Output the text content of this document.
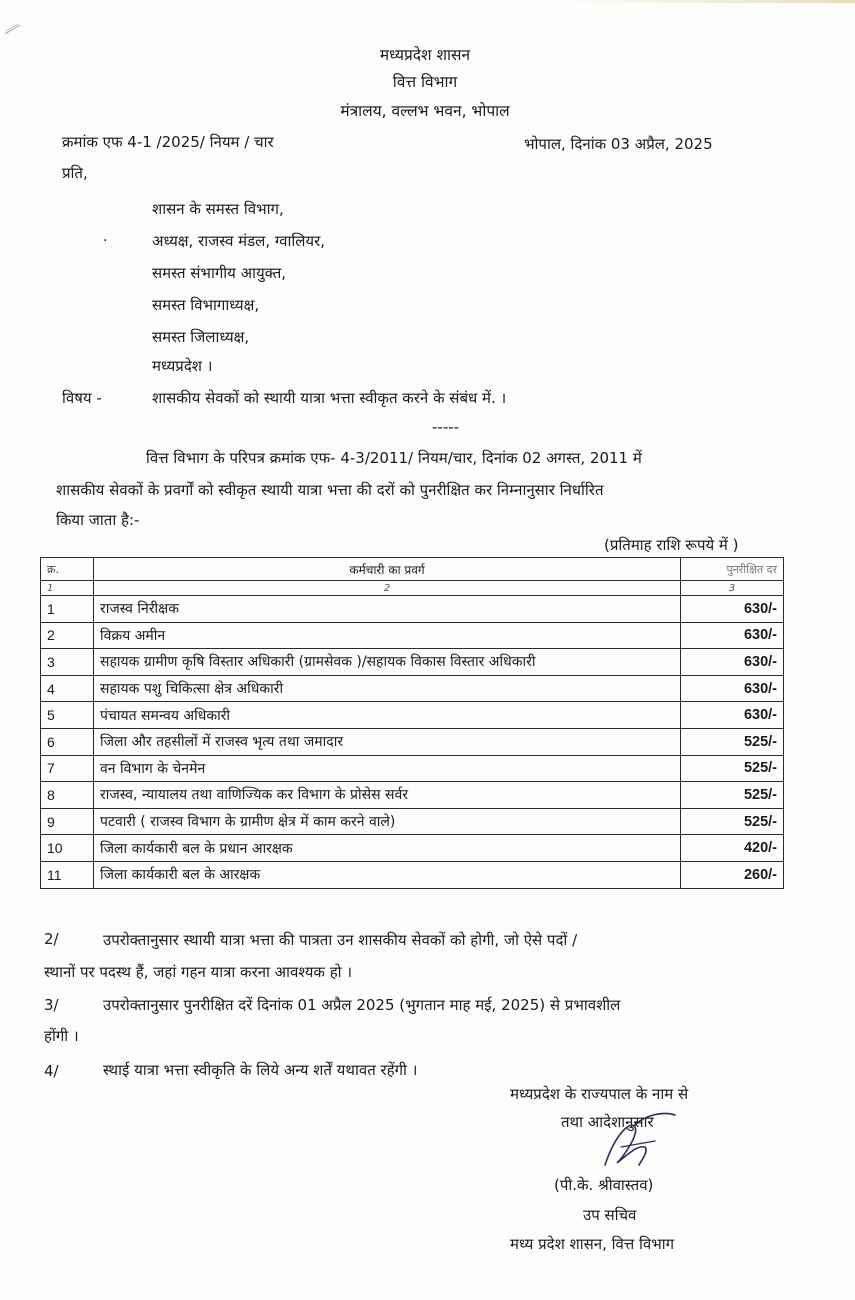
मध्यप्रदेश शासन
वित्त विभाग
मंत्रालय, वल्लभ भवन, भोपाल
क्रमांक एफ 4-1 /2025/ नियम / चार	भोपाल, दिनांक 03 अप्रैल, 2025
प्रति,
शासन के समस्त विभाग,
.	अध्यक्ष, राजस्व मंडल, ग्वालियर,
समस्त संभागीय आयुक्त,
समस्त विभागाध्यक्ष,
समस्त जिलाध्यक्ष,
मध्यप्रदेश ।
विषय -	शासकीय सेवकों को स्थायी यात्रा भत्ता स्वीकृत करने के संबंध में. ।
-----
वित्त विभाग के परिपत्र क्रमांक एफ- 4-3/2011/ नियम/चार, दिनांक 02 अगस्त, 2011 में
शासकीय सेवकों के प्रवर्गों को स्वीकृत स्थायी यात्रा भत्ता की दरों को पुनरीक्षित कर निम्नानुसार निर्धारित
किया जाता है:-
(प्रतिमाह राशि रूपये में )
क्र.	कर्मचारी का प्रवर्ग	पुनरीक्षित दर
1	2	3
1	राजस्व निरीक्षक	630/-
2	विक्रय अमीन	630/-
3	सहायक ग्रामीण कृषि विस्तार अधिकारी (ग्रामसेवक )/सहायक विकास विस्तार अधिकारी	630/-
4	सहायक पशु चिकित्सा क्षेत्र अधिकारी	630/-
5	पंचायत समन्वय अधिकारी	630/-
6	जिला और तहसीलों में राजस्व भृत्य तथा जमादार	525/-
7	वन विभाग के चेनमेन	525/-
8	राजस्व, न्यायालय तथा वाणिज्यिक कर विभाग के प्रोसेस सर्वर	525/-
9	पटवारी ( राजस्व विभाग के ग्रामीण क्षेत्र में काम करने वाले)	525/-
10	जिला कार्यकारी बल के प्रधान आरक्षक	420/-
11	जिला कार्यकारी बल के आरक्षक	260/-
2/	उपरोक्तानुसार स्थायी यात्रा भत्ता की पात्रता उन शासकीय सेवकों को होगी, जो ऐसे पदों /
स्थानों पर पदस्थ हैं, जहां गहन यात्रा करना आवश्यक हो ।
3/	उपरोक्तानुसार पुनरीक्षित दरें दिनांक 01 अप्रैल 2025 (भुगतान माह मई, 2025) से प्रभावशील
होंगी ।
4/	स्थाई यात्रा भत्ता स्वीकृति के लिये अन्य शर्तें यथावत रहेंगी ।
मध्यप्रदेश के राज्यपाल के नाम से
तथा आदेशानुसार
(पी.के. श्रीवास्तव)
उप सचिव
मध्य प्रदेश शासन, वित्त विभाग
